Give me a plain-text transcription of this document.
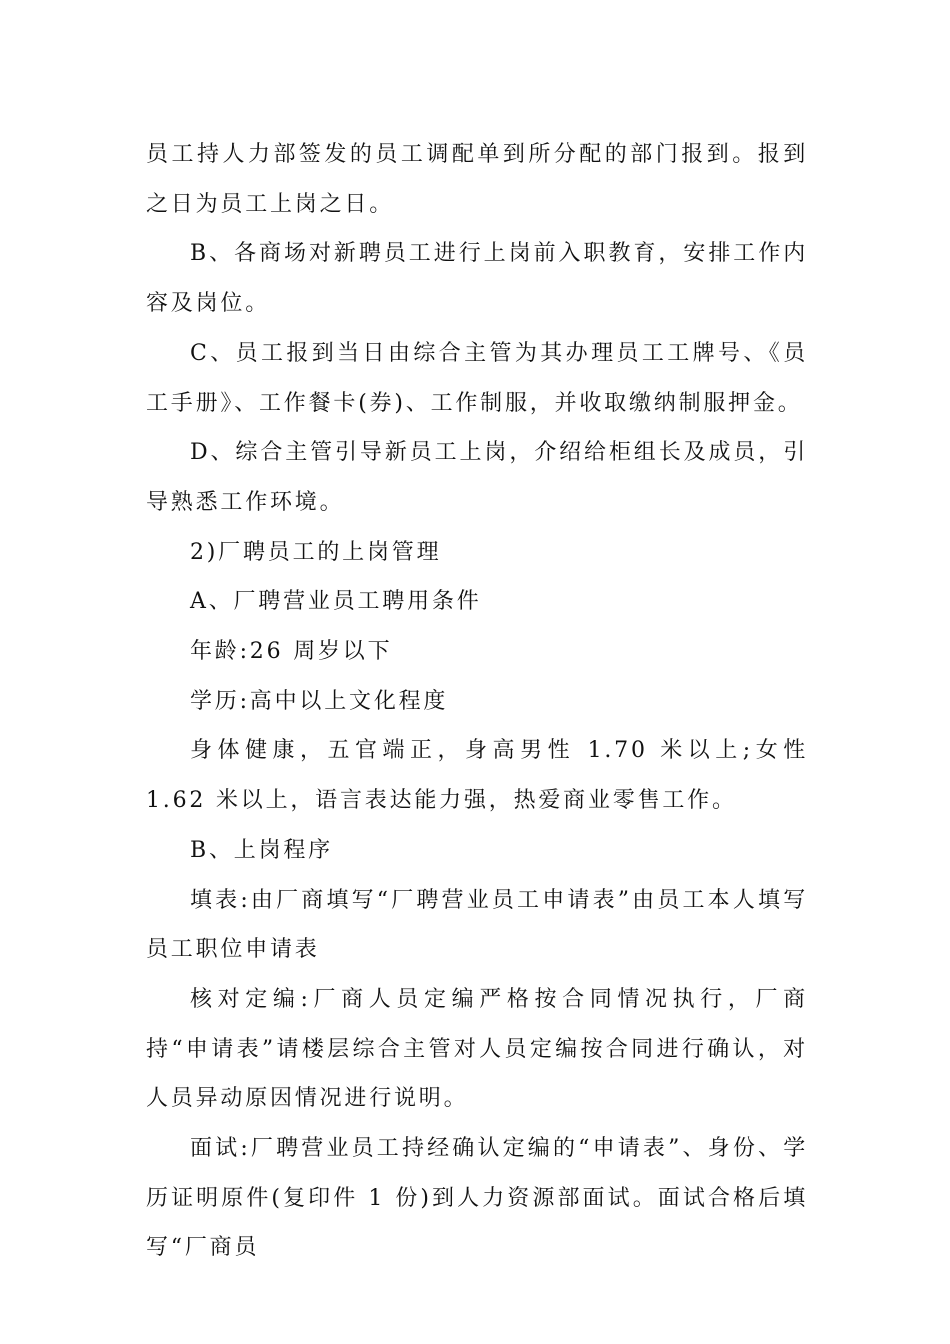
员工持人力部签发的员工调配单到所分配的部门报到。报到之日为员工上岗之日。

B、各商场对新聘员工进行上岗前入职教育，安排工作内容及岗位。

C、员工报到当日由综合主管为其办理员工工牌号、《员工手册》、工作餐卡(券)、工作制服，并收取缴纳制服押金。

D、综合主管引导新员工上岗，介绍给柜组长及成员，引导熟悉工作环境。

2)厂聘员工的上岗管理

A、厂聘营业员工聘用条件

年龄:26 周岁以下

学历:高中以上文化程度

身体健康，五官端正，身高男性 1.70 米以上;女性 1.62 米以上，语言表达能力强，热爱商业零售工作。

B、上岗程序

填表:由厂商填写“厂聘营业员工申请表”由员工本人填写员工职位申请表

核对定编:厂商人员定编严格按合同情况执行，厂商持“申请表”请楼层综合主管对人员定编按合同进行确认，对人员异动原因情况进行说明。

面试:厂聘营业员工持经确认定编的“申请表”、身份、学历证明原件(复印件 1 份)到人力资源部面试。面试合格后填写“厂商员
